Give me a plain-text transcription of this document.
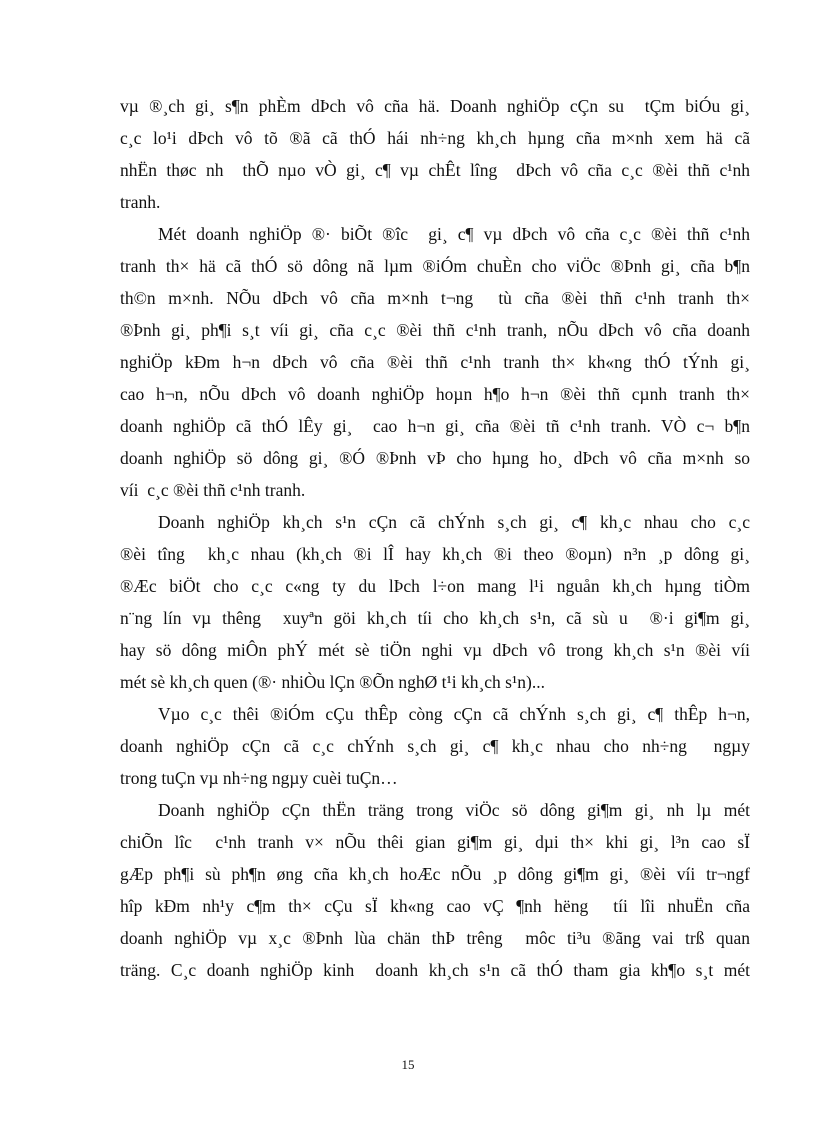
vµ ®¸ch gi¸ s¶n phÈm dÞch vô cña hä. Doanh nghiÖp cÇn su  tÇm biÓu gi¸
c¸c lo¹i dÞch vô tõ ®ã cã thÓ hái nh÷ng kh¸ch hµng cña m×nh xem hä cã
nhËn thøc nh  thÕ nµo vÒ gi¸ c¶ vµ chÊt lîng  dÞch vô cña c¸c ®èi thñ c¹nh
tranh.
Mét doanh nghiÖp ®· biÕt ®îc  gi¸ c¶ vµ dÞch vô cña c¸c ®èi thñ c¹nh
tranh th× hä cã thÓ sö dông nã lµm ®iÓm chuÈn cho viÖc ®Þnh gi¸ cña b¶n
th©n m×nh. NÕu dÞch vô cña m×nh t¬ng  tù cña ®èi thñ c¹nh tranh th×
®Þnh gi¸ ph¶i s¸t víi gi¸ cña c¸c ®èi thñ c¹nh tranh, nÕu dÞch vô cña doanh
nghiÖp kÐm h¬n dÞch vô cña ®èi thñ c¹nh tranh th× kh«ng thÓ tÝnh gi¸
cao h¬n, nÕu dÞch vô doanh nghiÖp hoµn h¶o h¬n ®èi thñ cµnh tranh th×
doanh nghiÖp cã thÓ lÊy gi¸  cao h¬n gi¸ cña ®èi tñ c¹nh tranh. VÒ c¬ b¶n
doanh nghiÖp sö dông gi¸ ®Ó ®Þnh vÞ cho hµng ho¸ dÞch vô cña m×nh so
víi  c¸c ®èi thñ c¹nh tranh.
Doanh nghiÖp kh¸ch s¹n cÇn cã chÝnh s¸ch gi¸ c¶ kh¸c nhau cho c¸c
®èi tîng  kh¸c nhau (kh¸ch ®i lÎ hay kh¸ch ®i theo ®oµn) n³n ¸p dông gi¸
®Æc biÖt cho c¸c c«ng ty du lÞch l÷on mang l¹i nguån kh¸ch hµng tiÒm
n¨ng lín vµ thêng  xuyªn göi kh¸ch tíi cho kh¸ch s¹n, cã sù u  ®·i gi¶m gi¸
hay sö dông miÔn phÝ mét sè tiÖn nghi vµ dÞch vô trong kh¸ch s¹n ®èi víi
mét sè kh¸ch quen (®· nhiÒu lÇn ®Õn nghØ t¹i kh¸ch s¹n)...
Vµo c¸c thêi ®iÓm cÇu thÊp còng cÇn cã chÝnh s¸ch gi¸ c¶ thÊp h¬n,
doanh nghiÖp cÇn cã c¸c chÝnh s¸ch gi¸ c¶ kh¸c nhau cho nh÷ng  ngµy
trong tuÇn vµ nh÷ng ngµy cuèi tuÇn…
Doanh nghiÖp cÇn thËn träng trong viÖc sö dông gi¶m gi¸ nh lµ mét
chiÕn lîc  c¹nh tranh v× nÕu thêi gian gi¶m gi¸ dµi th× khi gi¸ l³n cao sÏ
gÆp ph¶i sù ph¶n øng cña kh¸ch hoÆc nÕu ¸p dông gi¶m gi¸ ®èi víi tr¬ngf
hîp kÐm nh¹y c¶m th× cÇu sÏ kh«ng cao vÇ ¶nh hëng  tíi lîi nhuËn cña
doanh nghiÖp vµ x¸c ®Þnh lùa chän thÞ trêng  môc ti³u ®ãng vai trß quan
träng. C¸c doanh nghiÖp kinh  doanh kh¸ch s¹n cã thÓ tham gia kh¶o s¸t mét
15
